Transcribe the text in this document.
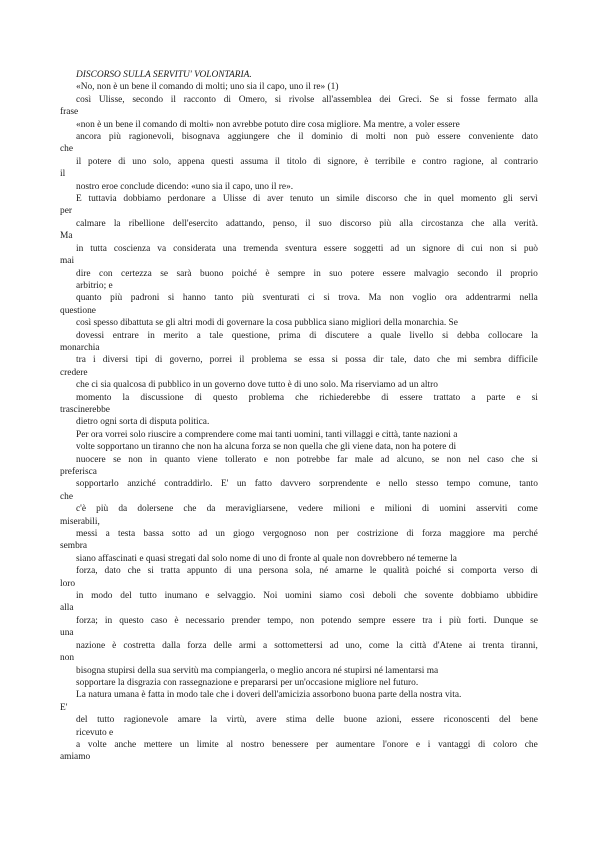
DISCORSO SULLA SERVITU' VOLONTARIA.
«No, non è un bene il comando di molti; uno sia il capo, uno il re» (1)
così Ulisse, secondo il racconto di Omero, si rivolse all'assemblea dei Greci. Se si fosse fermato alla
frase
«non è un bene il comando di molti» non avrebbe potuto dire cosa migliore. Ma mentre, a voler essere
ancora più ragionevoli, bisognava aggiungere che il dominio di molti non può essere conveniente dato
che
il potere di uno solo, appena questi assuma il titolo di signore, è terribile e contro ragione, al contrario
il
nostro eroe conclude dicendo: «uno sia il capo, uno il re».
E tuttavia dobbiamo perdonare a Ulisse di aver tenuto un simile discorso che in quel momento gli servì
per
calmare la ribellione dell'esercito adattando, penso, il suo discorso più alla circostanza che alla verità.
Ma
in tutta coscienza va considerata una tremenda sventura essere soggetti ad un signore di cui non si può
mai
dire con certezza se sarà buono poiché è sempre in suo potere essere malvagio secondo il proprio
arbitrio; e
quanto più padroni si hanno tanto più sventurati ci si trova. Ma non voglio ora addentrarmi nella
questione
così spesso dibattuta se gli altri modi di governare la cosa pubblica siano migliori della monarchia. Se
dovessi entrare in merito a tale questione, prima di discutere a quale livello si debba collocare la
monarchia
tra i diversi tipi di governo, porrei il problema se essa si possa dir tale, dato che mi sembra difficile
credere
che ci sia qualcosa di pubblico in un governo dove tutto è di uno solo. Ma riserviamo ad un altro
momento la discussione di questo problema che richiederebbe di essere trattato a parte e si
trascinerebbe
dietro ogni sorta di disputa politica.
Per ora vorrei solo riuscire a comprendere come mai tanti uomini, tanti villaggi e città, tante nazioni a
volte sopportano un tiranno che non ha alcuna forza se non quella che gli viene data, non ha potere di
nuocere se non in quanto viene tollerato e non potrebbe far male ad alcuno, se non nel caso che si
preferisca
sopportarlo anziché contraddirlo. E' un fatto davvero sorprendente e nello stesso tempo comune, tanto
che
c'è più da dolersene che da meravigliarsene, vedere milioni e milioni di uomini asserviti come
miserabili,
messi a testa bassa sotto ad un giogo vergognoso non per costrizione di forza maggiore ma perché
sembra
siano affascinati e quasi stregati dal solo nome di uno di fronte al quale non dovrebbero né temerne la
forza, dato che si tratta appunto di una persona sola, né amarne le qualità poiché si comporta verso di
loro
in modo del tutto inumano e selvaggio. Noi uomini siamo così deboli che sovente dobbiamo ubbidire
alla
forza; in questo caso è necessario prender tempo, non potendo sempre essere tra i più forti. Dunque se
una
nazione è costretta dalla forza delle armi a sottomettersi ad uno, come la città d'Atene ai trenta tiranni,
non
bisogna stupirsi della sua servitù ma compiangerla, o meglio ancora né stupirsi né lamentarsi ma
sopportare la disgrazia con rassegnazione e prepararsi per un'occasione migliore nel futuro.
La natura umana è fatta in modo tale che i doveri dell'amicizia assorbono buona parte della nostra vita.
E'
del tutto ragionevole amare la virtù, avere stima delle buone azioni, essere riconoscenti del bene
ricevuto e
a volte anche mettere un limite al nostro benessere per aumentare l'onore e i vantaggi di coloro che
amiamo
